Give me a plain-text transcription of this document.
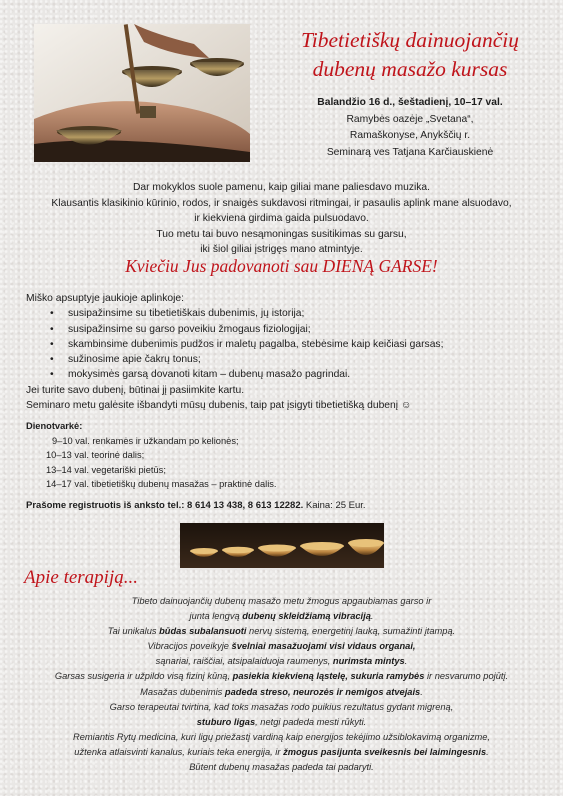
Tibetietiškų dainuojančių
dubenų masažo kursas
Balandžio 16 d., šeštadienį, 10–17 val.
Ramybės oazėje „Svetana“,
Ramaškonyse, Anykščių r.
Seminarą ves Tatjana Karčiauskienė
Dar mokyklos suole pamenu, kaip giliai mane paliesdavo muzika.
Klausantis klasikinio kūrinio, rodos, ir snaigės sukdavosi ritmingai, ir pasaulis aplink mane alsuodavo,
ir kiekviena girdima gaida pulsuodavo.
Tuo metu tai buvo nesąmoningas susitikimas su garsu,
iki šiol giliai įstrigęs mano atmintyje.
Kviečiu Jus padovanoti sau DIENĄ GARSE!
Miško apsuptyje jaukioje aplinkoje:
• susipažinsime su tibetietiškais dubenimis, jų istorija;
• susipažinsime su garso poveikiu žmogaus fiziologijai;
• skambinsime dubenimis pudžos ir maletų pagalba, stebėsime kaip keičiasi garsas;
• sužinosime apie čakrų tonus;
• mokysimės garsą dovanoti kitam – dubenų masažo pagrindai.
Jei turite savo dubenį, būtinai jį pasiimkite kartu.
Seminaro metu galėsite išbandyti mūsų dubenis, taip pat įsigyti tibetietišką dubenį ☺
Dienotvarkė:
9–10 val. renkamės ir užkandam po kelionės;
10–13 val. teorinė dalis;
13–14 val. vegetariški pietūs;
14–17 val. tibetietiškų dubenų masažas – praktinė dalis.
Prašome registruotis iš anksto tel.: 8 614 13 438, 8 613 12282. Kaina: 25 Eur.
Apie terapiją...
Tibeto dainuojančių dubenų masažo metu žmogus apgaubiamas garso ir
junta lengvą dubenų skleidžiamą vibraciją.
Tai unikalus būdas subalansuoti nervų sistemą, energetinį lauką, sumažinti įtampą.
Vibracijos poveikyje švelniai masažuojami visi vidaus organai,
sąnariai, raiščiai, atsipalaiduoja raumenys, nurimsta mintys.
Garsas susigeria ir užpildo visą fizinį kūną, pasiekia kiekvieną ląstelę, sukuria ramybės ir nesvarumo pojūtį.
Masažas dubenimis padeda streso, neurozės ir nemigos atvejais.
Garso terapeutai tvirtina, kad toks masažas rodo puikius rezultatus gydant migreną,
stuburo ligas, netgi padeda mesti rūkyti.
Remiantis Rytų medicina, kuri ligų priežastį vardiną kaip energijos tekėjimo užsiblokavimą organizme,
užtenka atlaisvinti kanalus, kuriais teka energija, ir žmogus pasijunta sveikesnis bei laimingesnis.
Būtent dubenų masažas padeda tai padaryti.
